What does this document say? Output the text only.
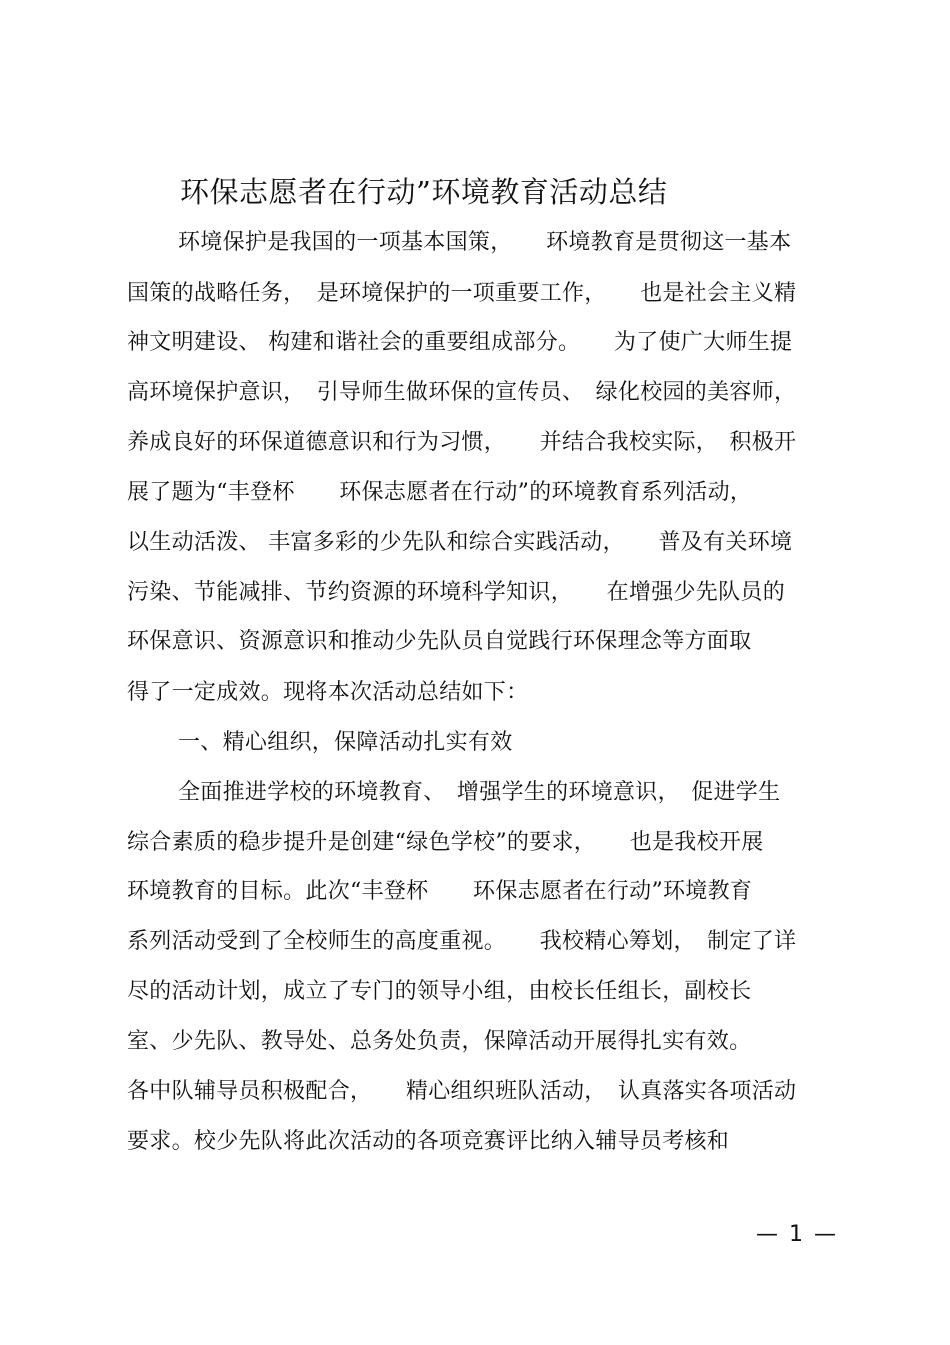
环保志愿者在行动”环境教育活动总结
环境保护是我国的一项基本国策，　　环境教育是贯彻这一基本
国策的战略任务，　是环境保护的一项重要工作，　　也是社会主义精
神文明建设、 构建和谐社会的重要组成部分。　　为了使广大师生提
高环境保护意识，　引导师生做环保的宣传员、　绿化校园的美容师，
养成良好的环保道德意识和行为习惯，　　并结合我校实际，　积极开
展了题为“丰登杯　　环保志愿者在行动”的环境教育系列活动，
以生动活泼、 丰富多彩的少先队和综合实践活动，　　普及有关环境
污染、节能减排、节约资源的环境科学知识，　　在增强少先队员的
环保意识、资源意识和推动少先队员自觉践行环保理念等方面取
得了一定成效。现将本次活动总结如下：
一、精心组织，保障活动扎实有效
全面推进学校的环境教育、　增强学生的环境意识，　促进学生
综合素质的稳步提升是创建“绿色学校”的要求，　　也是我校开展
环境教育的目标。此次“丰登杯　　环保志愿者在行动”环境教育
系列活动受到了全校师生的高度重视。　　我校精心筹划，　制定了详
尽的活动计划，成立了专门的领导小组，由校长任组长，副校长
室、少先队、教导处、总务处负责，保障活动开展得扎实有效。
各中队辅导员积极配合，　　精心组织班队活动，　认真落实各项活动
要求。校少先队将此次活动的各项竞赛评比纳入辅导员考核和
— 1 —
